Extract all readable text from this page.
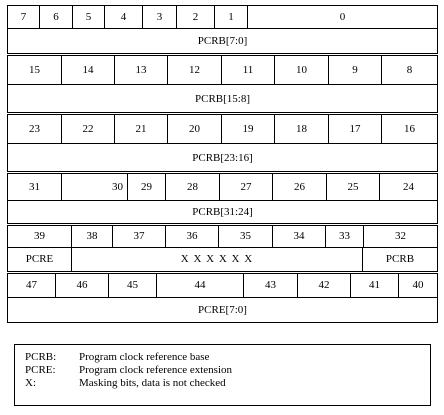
7	6	5	4	3	2	1	0
PCRB[7:0]
15	14	13	12	11	10	9	8
PCRB[15:8]
23	22	21	20	19	18	17	16
PCRB[23:16]
31	30	29	28	27	26	25	24
PCRB[31:24]
39	38	37	36	35	34	33	32
PCRE	X X X X X X	PCRB
47	46	45	44	43	42	41	40
PCRE[7:0]
PCRB:	Program clock reference base
PCRE:	Program clock reference extension
X:	Masking bits, data is not checked
